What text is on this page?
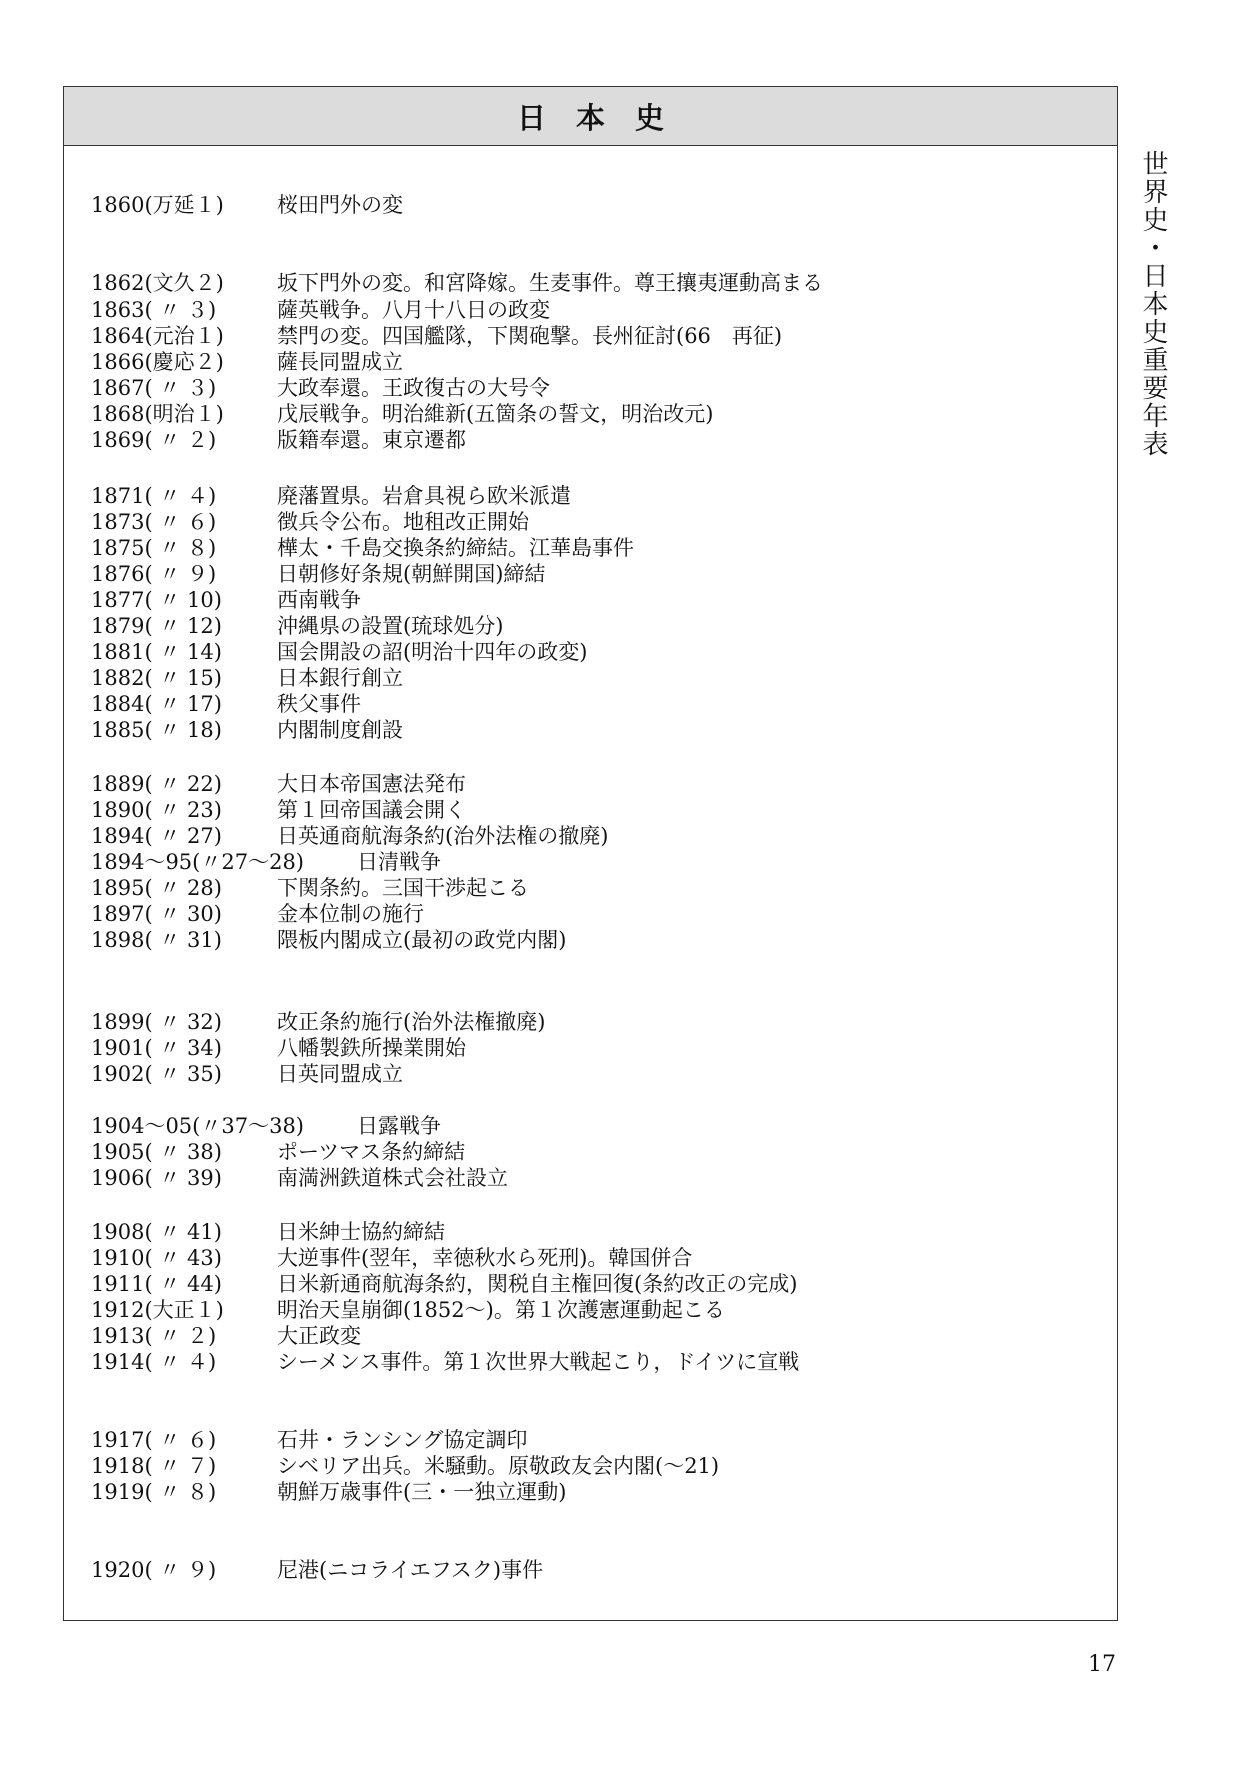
日本史
1860(万延１)	桜田門外の変
1862(文久２)	坂下門外の変。和宮降嫁。生麦事件。尊王攘夷運動高まる
1863( 〃 ３)	薩英戦争。八月十八日の政変
1864(元治１)	禁門の変。四国艦隊，下関砲撃。長州征討(66　再征)
1866(慶応２)	薩長同盟成立
1867( 〃 ３)	大政奉還。王政復古の大号令
1868(明治１)	戊辰戦争。明治維新(五箇条の誓文，明治改元)
1869( 〃 ２)	版籍奉還。東京遷都
1871( 〃 ４)	廃藩置県。岩倉具視ら欧米派遣
1873( 〃 ６)	徴兵令公布。地租改正開始
1875( 〃 ８)	樺太・千島交換条約締結。江華島事件
1876( 〃 ９)	日朝修好条規(朝鮮開国)締結
1877( 〃 10)	西南戦争
1879( 〃 12)	沖縄県の設置(琉球処分)
1881( 〃 14)	国会開設の詔(明治十四年の政変)
1882( 〃 15)	日本銀行創立
1884( 〃 17)	秩父事件
1885( 〃 18)	内閣制度創設
1889( 〃 22)	大日本帝国憲法発布
1890( 〃 23)	第１回帝国議会開く
1894( 〃 27)	日英通商航海条約(治外法権の撤廃)
1894〜95(〃27〜28)	日清戦争
1895( 〃 28)	下関条約。三国干渉起こる
1897( 〃 30)	金本位制の施行
1898( 〃 31)	隈板内閣成立(最初の政党内閣)
1899( 〃 32)	改正条約施行(治外法権撤廃)
1901( 〃 34)	八幡製鉄所操業開始
1902( 〃 35)	日英同盟成立
1904〜05(〃37〜38)	日露戦争
1905( 〃 38)	ポーツマス条約締結
1906( 〃 39)	南満洲鉄道株式会社設立
1908( 〃 41)	日米紳士協約締結
1910( 〃 43)	大逆事件(翌年，幸徳秋水ら死刑)。韓国併合
1911( 〃 44)	日米新通商航海条約，関税自主権回復(条約改正の完成)
1912(大正１)	明治天皇崩御(1852〜)。第１次護憲運動起こる
1913( 〃 ２)	大正政変
1914( 〃 ４)	シーメンス事件。第１次世界大戦起こり，ドイツに宣戦
1917( 〃 ６)	石井・ランシング協定調印
1918( 〃 ７)	シベリア出兵。米騒動。原敬政友会内閣(〜21)
1919( 〃 ８)	朝鮮万歳事件(三・一独立運動)
1920( 〃 ９)	尼港(ニコライエフスク)事件
世界史・日本史重要年表
17
